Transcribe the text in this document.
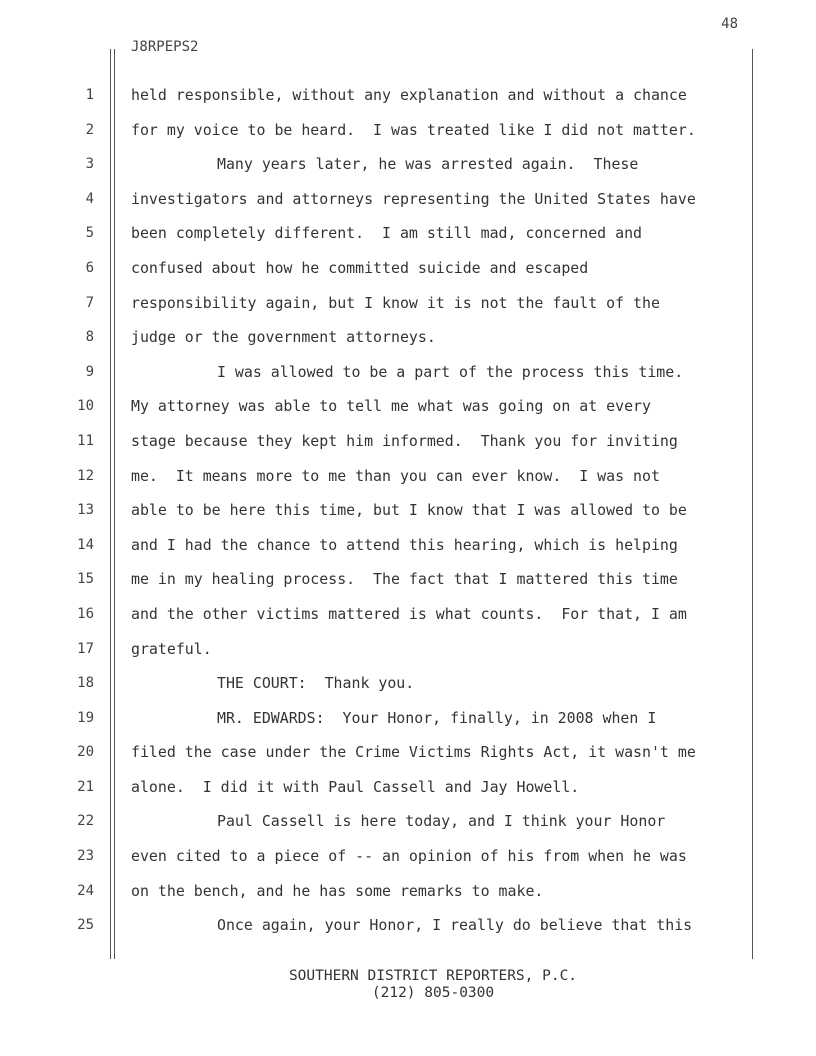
48
J8RPEPS2
1
2
3
4
5
6
7
8
9
10
11
12
13
14
15
16
17
18
19
20
21
22
23
24
25
held responsible, without any explanation and without a chance
for my voice to be heard.  I was treated like I did not matter.
Many years later, he was arrested again.  These
investigators and attorneys representing the United States have
been completely different.  I am still mad, concerned and
confused about how he committed suicide and escaped
responsibility again, but I know it is not the fault of the
judge or the government attorneys.
I was allowed to be a part of the process this time.
My attorney was able to tell me what was going on at every
stage because they kept him informed.  Thank you for inviting
me.  It means more to me than you can ever know.  I was not
able to be here this time, but I know that I was allowed to be
and I had the chance to attend this hearing, which is helping
me in my healing process.  The fact that I mattered this time
and the other victims mattered is what counts.  For that, I am
grateful.
THE COURT:  Thank you.
MR. EDWARDS:  Your Honor, finally, in 2008 when I
filed the case under the Crime Victims Rights Act, it wasn't me
alone.  I did it with Paul Cassell and Jay Howell.
Paul Cassell is here today, and I think your Honor
even cited to a piece of -- an opinion of his from when he was
on the bench, and he has some remarks to make.
Once again, your Honor, I really do believe that this
SOUTHERN DISTRICT REPORTERS, P.C.
(212) 805-0300
